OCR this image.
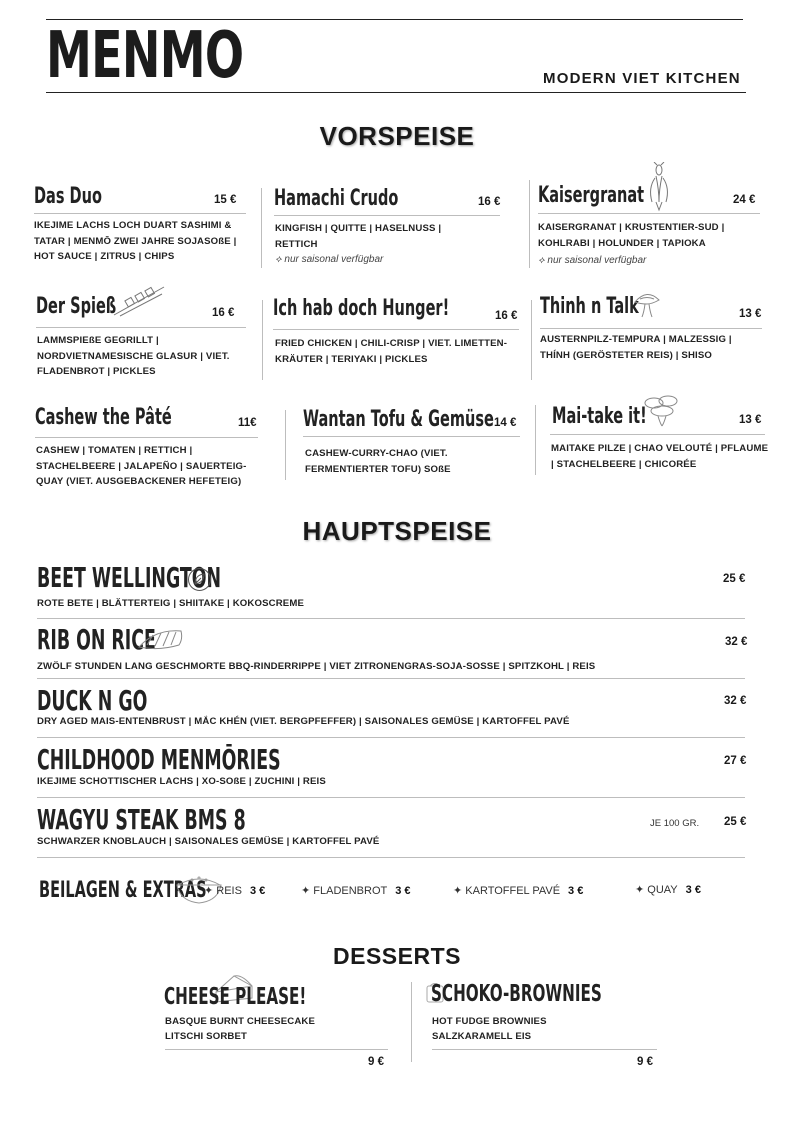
MENMO	MODERN VIET KITCHEN
VORSPEISE
Das Duo	15 €
IKEJIME LACHS LOCH DUART SASHIMI & TATAR | MENMŌ ZWEI JAHRE SOJASOßE | HOT SAUCE | ZITRUS | CHIPS
Hamachi Crudo	16 €
KINGFISH | QUITTE | HASELNUSS | RETTICH
⟡ nur saisonal verfügbar
Kaisergranat	24 €
KAISERGRANAT | KRUSTENTIER-SUD | KOHLRABI | HOLUNDER | TAPIOKA
⟡ nur saisonal verfügbar
Der Spieß	16 €
LAMMSPIEßE GEGRILLT | NORDVIETNAMESISCHE GLASUR | VIET. FLADENBROT | PICKLES
Ich hab doch Hunger!	16 €
FRIED CHICKEN | CHILI-CRISP | VIET. LIMETTEN-KRÄUTER | TERIYAKI | PICKLES
Thinh n Talk	13 €
AUSTERNPILZ-TEMPURA | MALZESSIG | THÍNH (GERÖSTETER REIS) | SHISO
Cashew the Pâté	11€
CASHEW | TOMATEN | RETTICH | STACHELBEERE | JALAPEÑO | SAUERTEIG-QUAY (VIET. AUSGEBACKENER HEFETEIG)
Wantan Tofu & Gemüse 14 €
CASHEW-CURRY-CHAO (VIET. FERMENTIERTER TOFU) SOßE
Mai-take it!	13 €
MAITAKE PILZE | CHAO VELOUTÉ | PFLAUME | STACHELBEERE | CHICORÉE
HAUPTSPEISE
BEET WELLINGTON	25 €
ROTE BETE | BLÄTTERTEIG | SHIITAKE | KOKOSCREME
RIB ON RICE	32 €
ZWÖLF STUNDEN LANG GESCHMORTE BBQ-RINDERRIPPE | VIET ZITRONENGRAS-SOJA-SOSSE | SPITZKOHL | REIS
DUCK N GO	32 €
DRY AGED MAIS-ENTENBRUST | MẮC KHÉN (VIET. BERGPFEFFER) | SAISONALES GEMÜSE | KARTOFFEL PAVÉ
CHILDHOOD MENMŌRIES	27 €
IKEJIME SCHOTTISCHER LACHS | XO-SOßE | ZUCHINI | REIS
WAGYU STEAK BMS 8	JE 100 GR. 25 €
SCHWARZER KNOBLAUCH | SAISONALES GEMÜSE | KARTOFFEL PAVÉ
BEILAGEN & EXTRAS
✦ REIS 3 €	✦ FLADENBROT 3 €	✦ KARTOFFEL PAVÉ 3 €	✦ QUAY 3 €
DESSERTS
CHEESE PLEASE!
BASQUE BURNT CHEESECAKE
LITSCHI SORBET
9 €
SCHOKO-BROWNIES
HOT FUDGE BROWNIES
SALZKARAMELL EIS
9 €
